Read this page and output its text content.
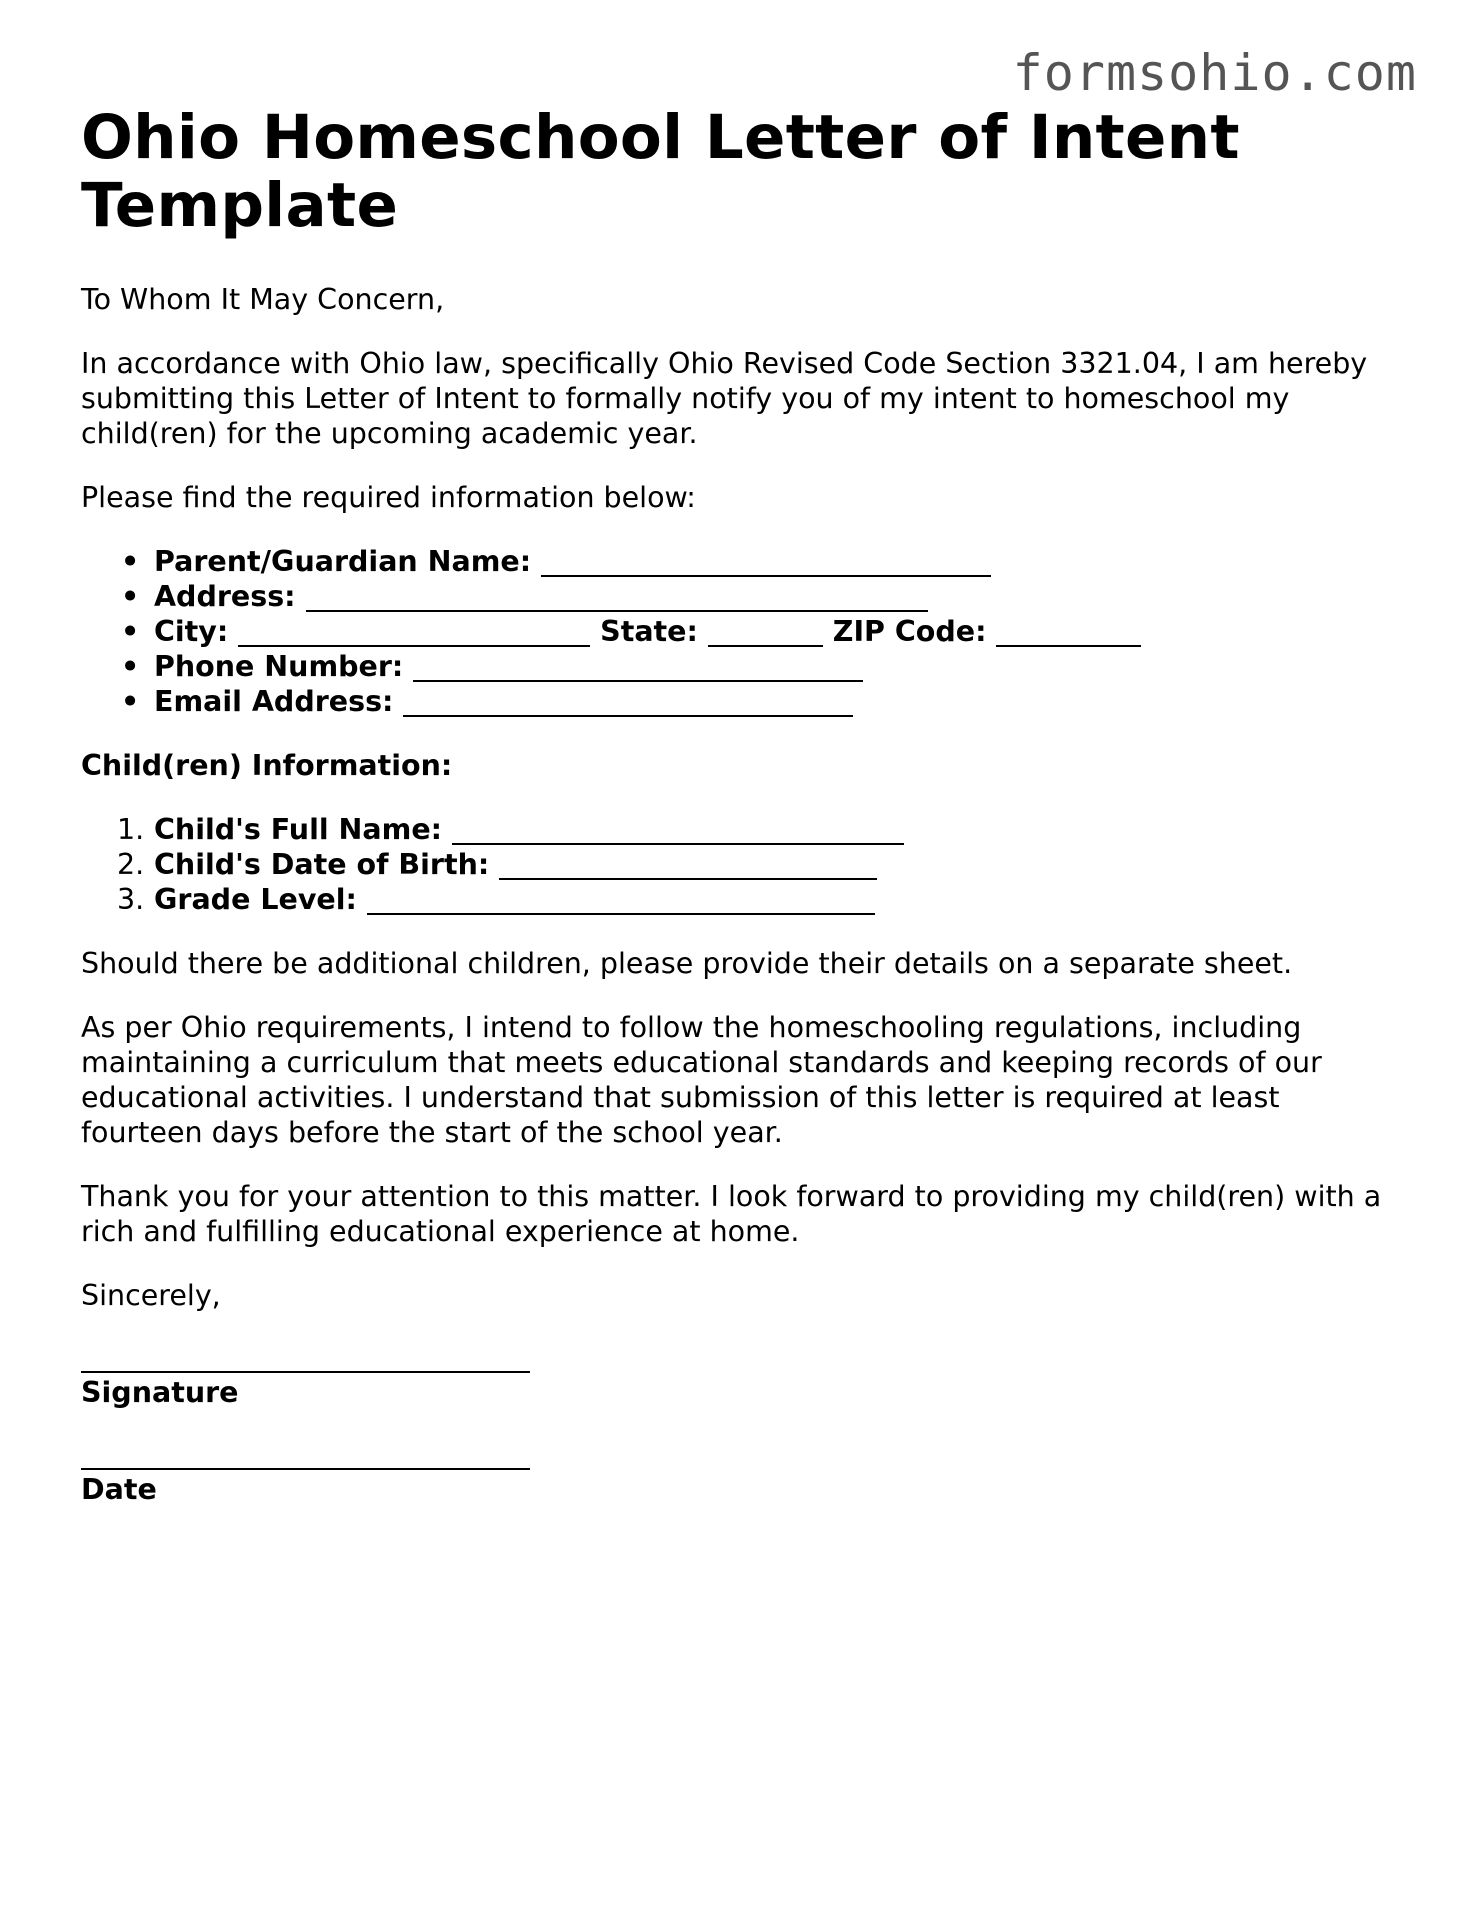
formsohio.com
Ohio Homeschool Letter of Intent Template

To Whom It May Concern,

In accordance with Ohio law, specifically Ohio Revised Code Section 3321.04, I am hereby submitting this Letter of Intent to formally notify you of my intent to homeschool my child(ren) for the upcoming academic year.

Please find the required information below:

• Parent/Guardian Name:
• Address:
• City:	State:	ZIP Code:
• Phone Number:
• Email Address:

Child(ren) Information:

1. Child's Full Name:
2. Child's Date of Birth:
3. Grade Level:

Should there be additional children, please provide their details on a separate sheet.

As per Ohio requirements, I intend to follow the homeschooling regulations, including maintaining a curriculum that meets educational standards and keeping records of our educational activities. I understand that submission of this letter is required at least fourteen days before the start of the school year.

Thank you for your attention to this matter. I look forward to providing my child(ren) with a rich and fulfilling educational experience at home.

Sincerely,

Signature
Date
